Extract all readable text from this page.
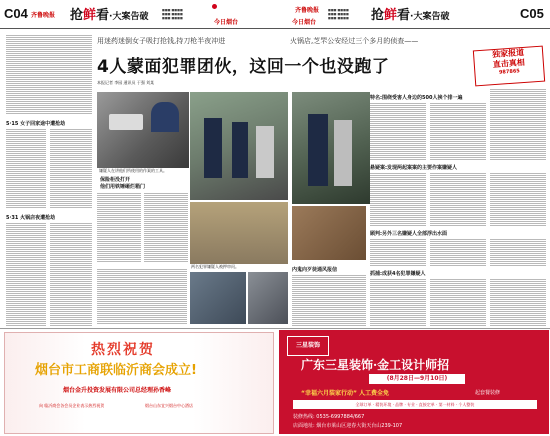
C04 齐鲁晚报 抢鲜看·大案告破
■■■ ■■■■
■■■ ■■■■
■■■ ■■■■
今日烟台	今日烟台
齐鲁晚报	■■■ ■■■■
■■■ ■■■■
■■■ ■■■■	抢鲜看·大案告破	C05
用迷药迷倒女子吸打抢钱,持刀枪半夜冲进	火锅店,芝罘公安经过三个多月的侦查——
4人蒙面犯罪团伙，这回一个也没跑了
本报记者 李园 通讯员 于强 刘某
独家报道
直击真相
987865
5·15 女子回家途中遭抢劫
5·31 火锅店夜遭抢劫
嫌疑人在讲他们所使用的作案的工具。
保险柜没打开
他们用铁锤砸烂箱门
两名犯罪嫌疑人被押审问。
内鬼向歹徒通风报信
特名:围绕受害人身边的500人挨个排一遍
悬疑案:发现两起案案的主要作案嫌疑人
顾判:另外三名嫌疑人全部浮出水面
抓捕:成获4名犯罪嫌疑人
热烈祝贺
烟台市工商联临沂商会成立!
烟台金升投资发展有限公司总经理孙香峰
向 临沂商会各会员企业表示热烈祝贺	烟台山东宜兴烟台中心酒店
三星装饰
广东三星装饰·金工设计师招
(8月28日—9月10日)
“幸福六月装家行动” 人工费全免	起套餐装修
全球订单 · 精装环境 · 品牌 · 专业 · 直接定单 · 第一材料 · 个人整装
装修热线: 0535-6997884/667
店面地址: 烟台市莱山区迎春大街天台山239-107
